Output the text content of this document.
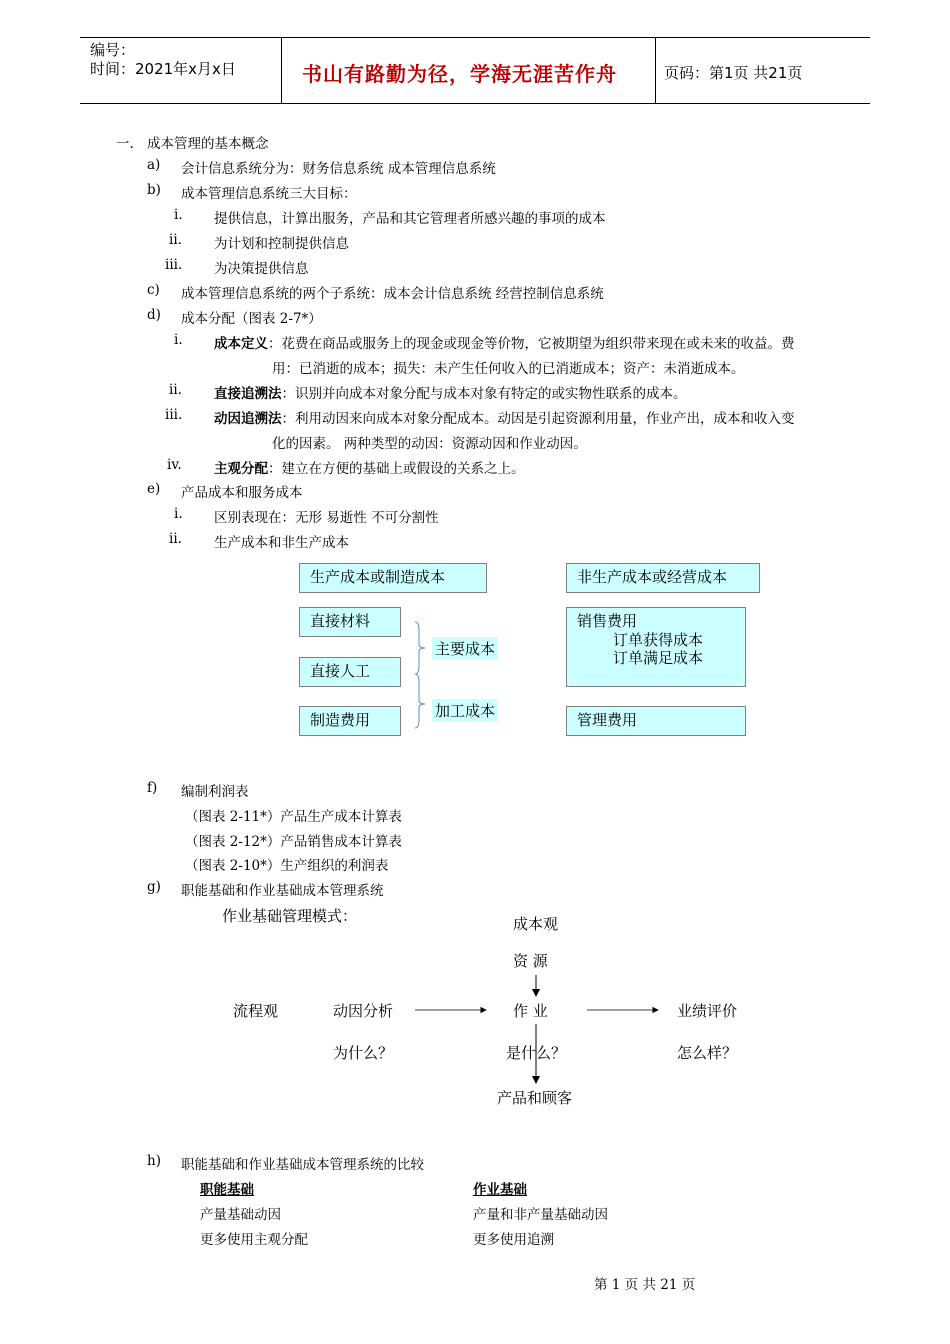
编号：
时间：2021年x月x日	书山有路勤为径，学海无涯苦作舟	页码：第1页 共21页
一. 成本管理的基本概念
a) 会计信息系统分为：财务信息系统 成本管理信息系统
b) 成本管理信息系统三大目标：
i. 提供信息，计算出服务，产品和其它管理者所感兴趣的事项的成本
ii. 为计划和控制提供信息
iii. 为决策提供信息
c) 成本管理信息系统的两个子系统：成本会计信息系统 经营控制信息系统
d) 成本分配（图表 2-7*）
i. 成本定义：花费在商品或服务上的现金或现金等价物，它被期望为组织带来现在或未来的收益。费
用：已消逝的成本；损失：未产生任何收入的已消逝成本；资产：未消逝成本。
ii. 直接追溯法：识别并向成本对象分配与成本对象有特定的或实物性联系的成本。
iii. 动因追溯法：利用动因来向成本对象分配成本。动因是引起资源利用量，作业产出，成本和收入变
化的因素。 两种类型的动因：资源动因和作业动因。
iv. 主观分配：建立在方便的基础上或假设的关系之上。
e) 产品成本和服务成本
i. 区别表现在：无形 易逝性 不可分割性
ii. 生产成本和非生产成本
生产成本或制造成本	非生产成本或经营成本
直接材料
直接人工
制造费用
主要成本
加工成本
销售费用
订单获得成本
订单满足成本
管理费用
f) 编制利润表
（图表 2-11*）产品生产成本计算表
（图表 2-12*）产品销售成本计算表
（图表 2-10*）生产组织的利润表
g) 职能基础和作业基础成本管理系统
作业基础管理模式：	成本观
资 源
流程观	动因分析	作 业	业绩评价
为什么？	是什么？	怎么样？
产品和顾客
h) 职能基础和作业基础成本管理系统的比较
职能基础	作业基础
产量基础动因	产量和非产量基础动因
更多使用主观分配	更多使用追溯
第 1 页 共 21 页
